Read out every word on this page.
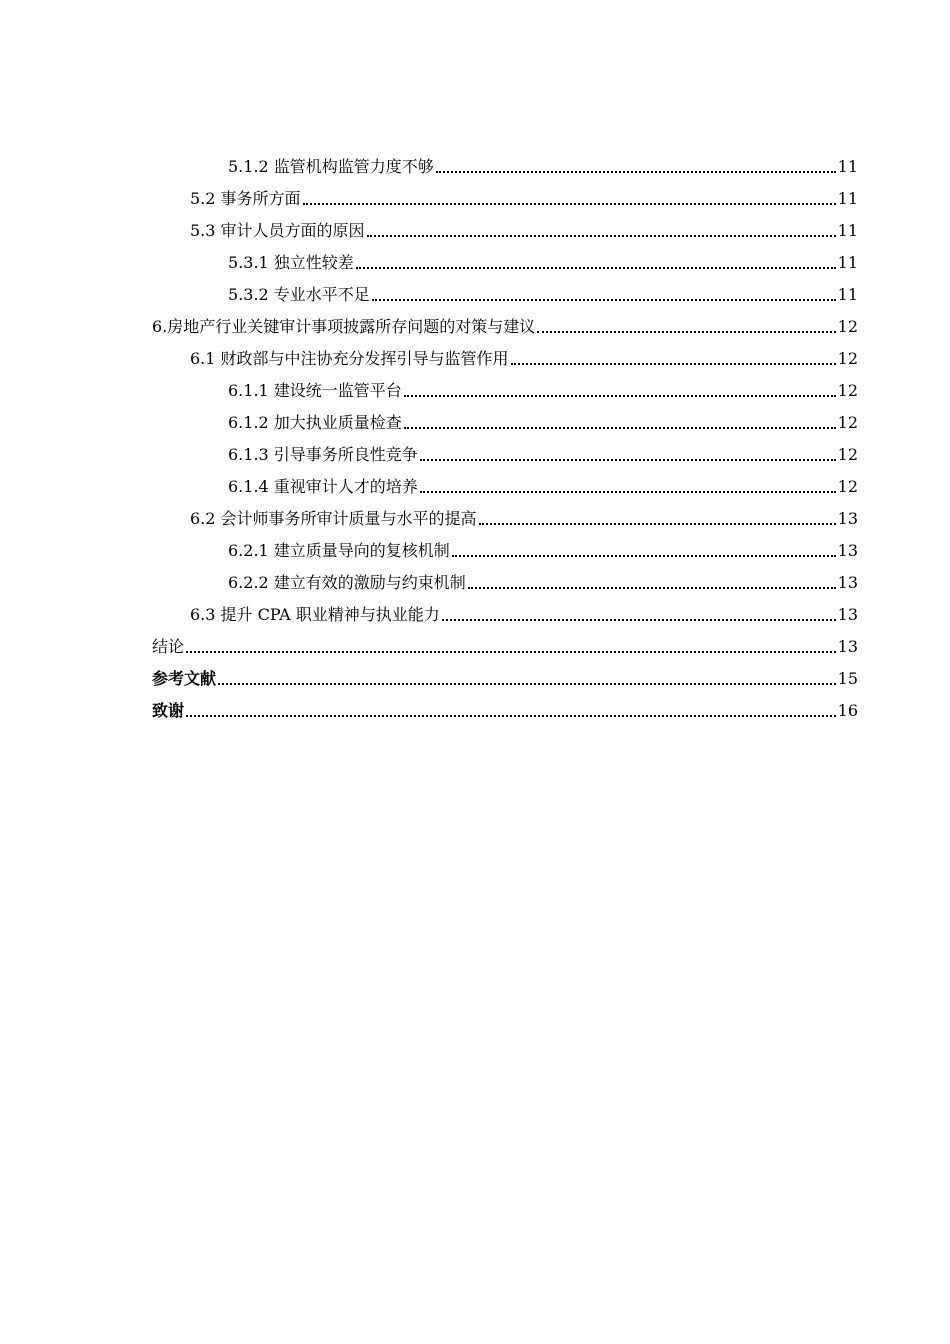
5.1.2 监管机构监管力度不够	11
5.2 事务所方面	11
5.3 审计人员方面的原因	11
5.3.1 独立性较差	11
5.3.2 专业水平不足	11
6.房地产行业关键审计事项披露所存问题的对策与建议	12
6.1 财政部与中注协充分发挥引导与监管作用	12
6.1.1 建设统一监管平台	12
6.1.2 加大执业质量检查	12
6.1.3 引导事务所良性竞争	12
6.1.4 重视审计人才的培养	12
6.2 会计师事务所审计质量与水平的提高	13
6.2.1 建立质量导向的复核机制	13
6.2.2 建立有效的激励与约束机制	13
6.3 提升 CPA 职业精神与执业能力	13
结论	13
参考文献	15
致谢	16
